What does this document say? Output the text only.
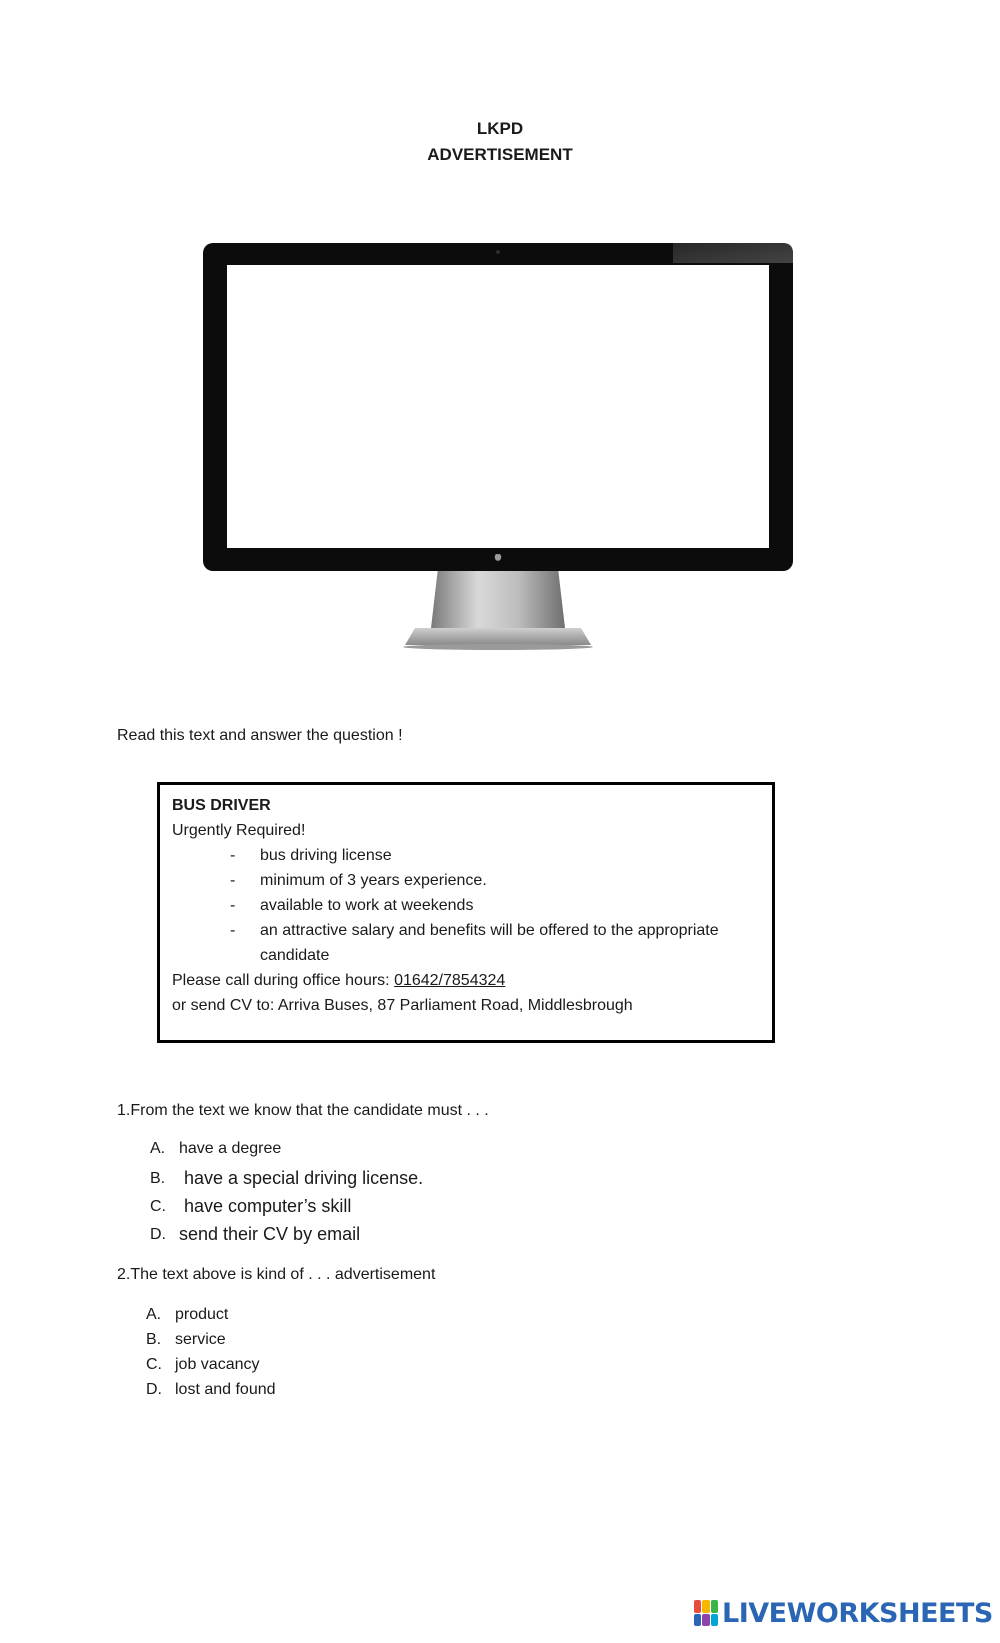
LKPD
ADVERTISEMENT
Read this text and answer the question !
BUS DRIVER
Urgently Required!
- bus driving license
- minimum of 3 years experience.
- available to work at weekends
- an attractive salary and benefits will be offered to the appropriate candidate
Please call during office hours: 01642/7854324
or send CV to: Arriva Buses, 87 Parliament Road, Middlesbrough
1.From the text we know that the candidate must . . .
A. have a degree
B. have a special driving license.
C. have computer’s skill
D. send their CV by email
2.The text above is kind of . . . advertisement
A. product
B. service
C. job vacancy
D. lost and found
LIVEWORKSHEETS
